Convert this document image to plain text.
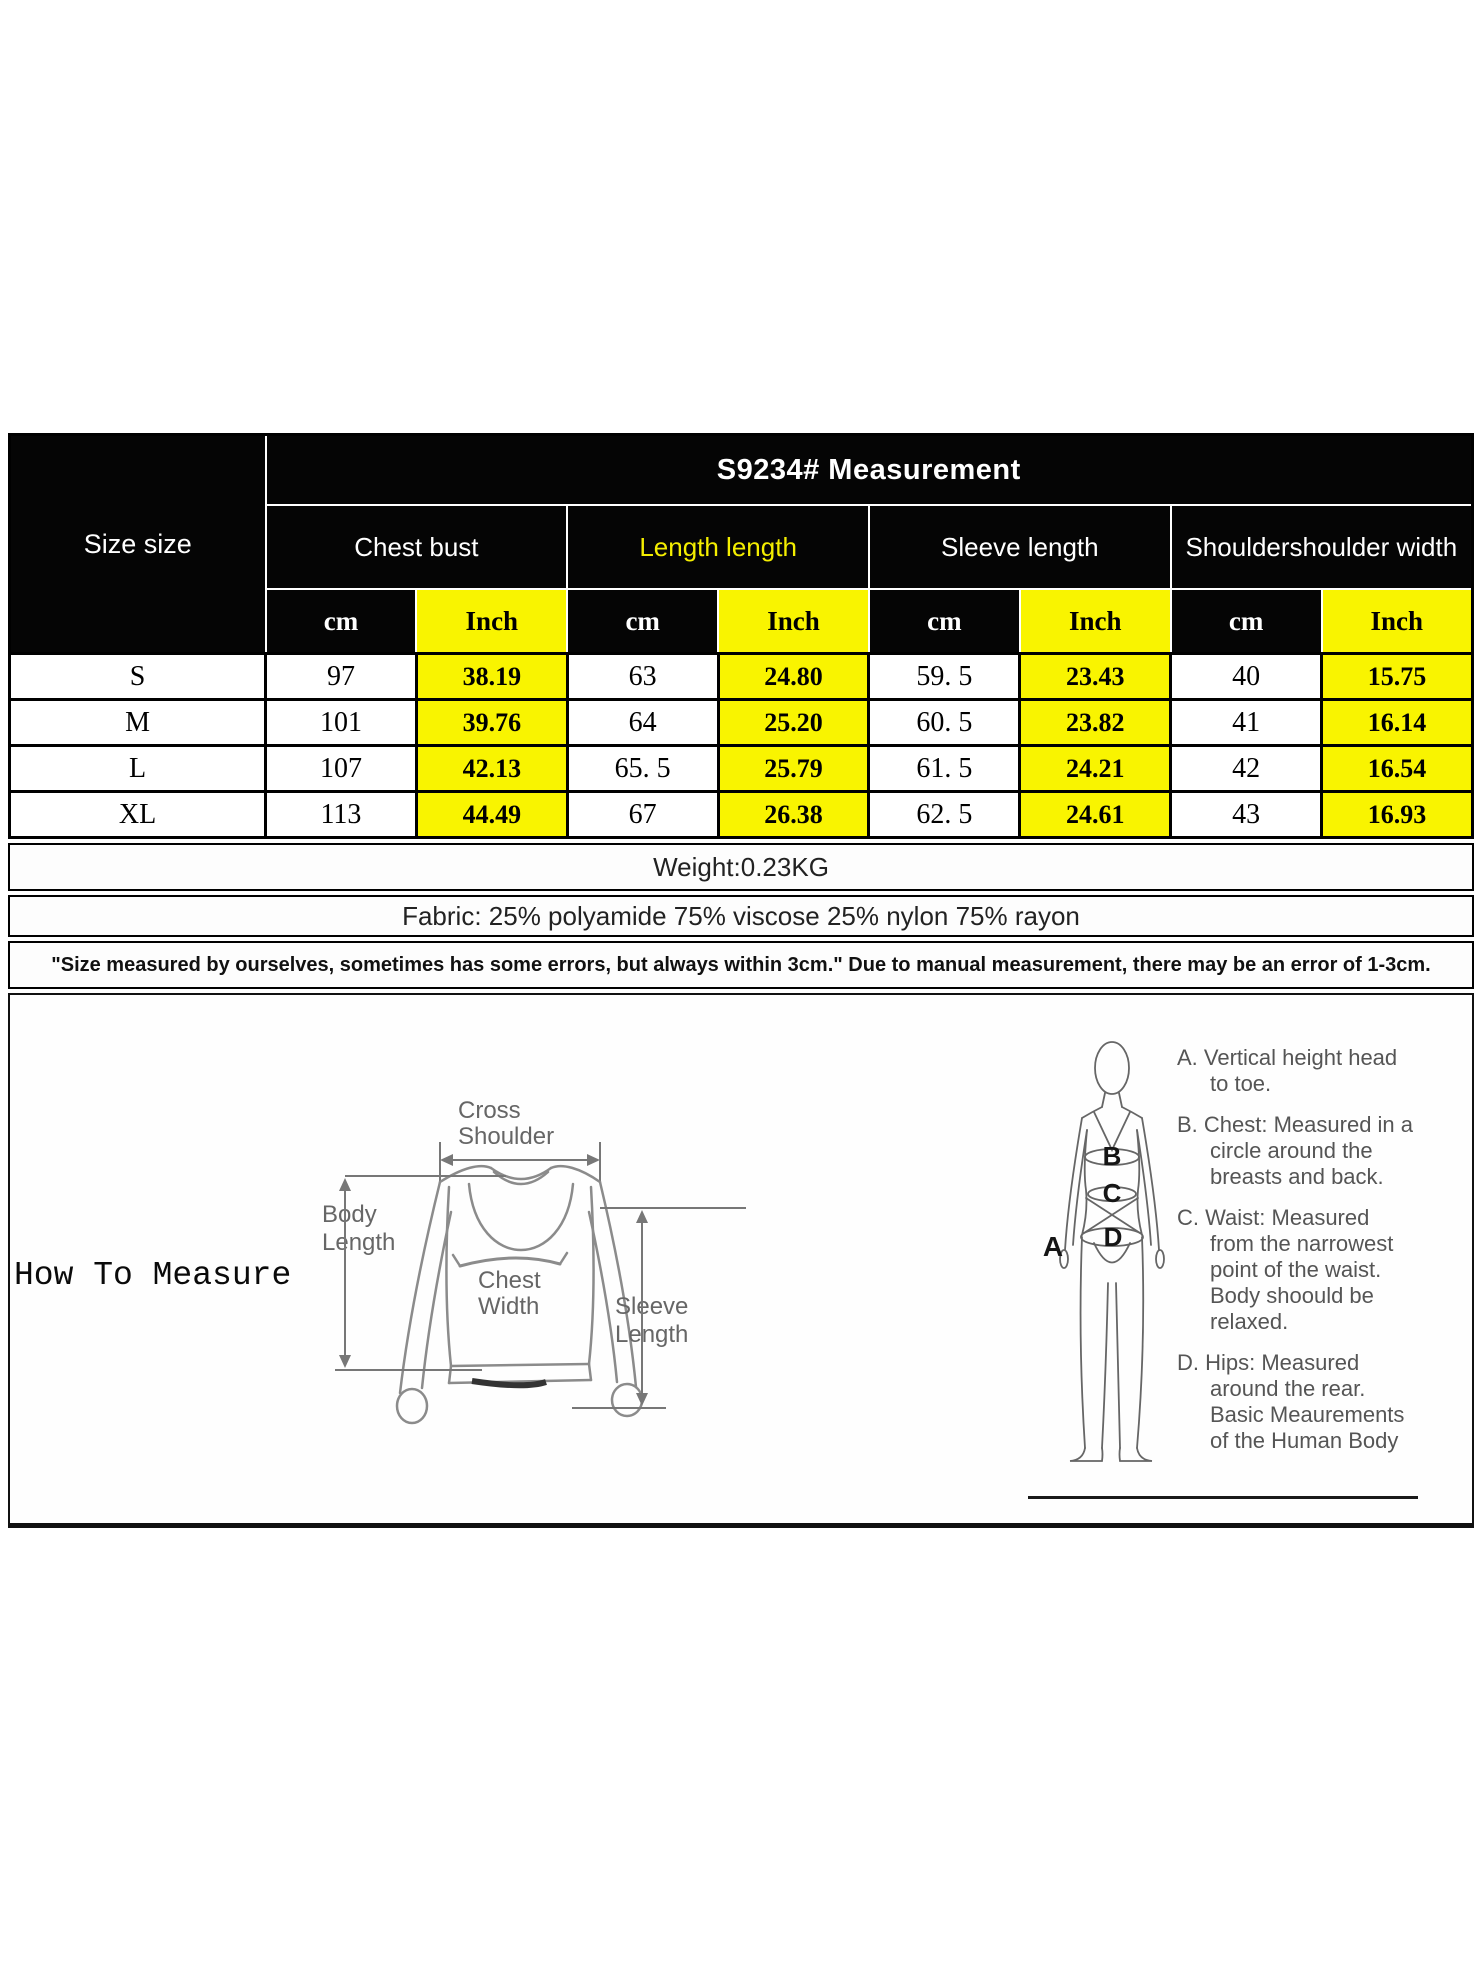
Size size	S9234# Measurement							
	Chest bust		Length length		Sleeve length		Shouldershoulder width	
	cm	Inch	cm	Inch	cm	Inch	cm	Inch
S	97	38.19	63	24.80	59. 5	23.43	40	15.75
M	101	39.76	64	25.20	60. 5	23.82	41	16.14
L	107	42.13	65. 5	25.79	61. 5	24.21	42	16.54
XL	113	44.49	67	26.38	62. 5	24.61	43	16.93
Weight:0.23KG
Fabric: 25% polyamide 75% viscose 25% nylon 75% rayon
"Size measured by ourselves, sometimes has some errors, but always within 3cm." Due to manual measurement, there may be an error of 1-3cm.
How To Measure
Cross
Shoulder
Body
Length
Chest
Width	Sleeve
Length
B
C
D
A
A. Vertical height head
to toe.
B. Chest: Measured in a
circle around the
breasts and back.
C. Waist: Measured
from the narrowest
point of the waist.
Body shoould be
relaxed.
D. Hips: Measured
around the rear.
Basic Meaurements
of the Human Body
